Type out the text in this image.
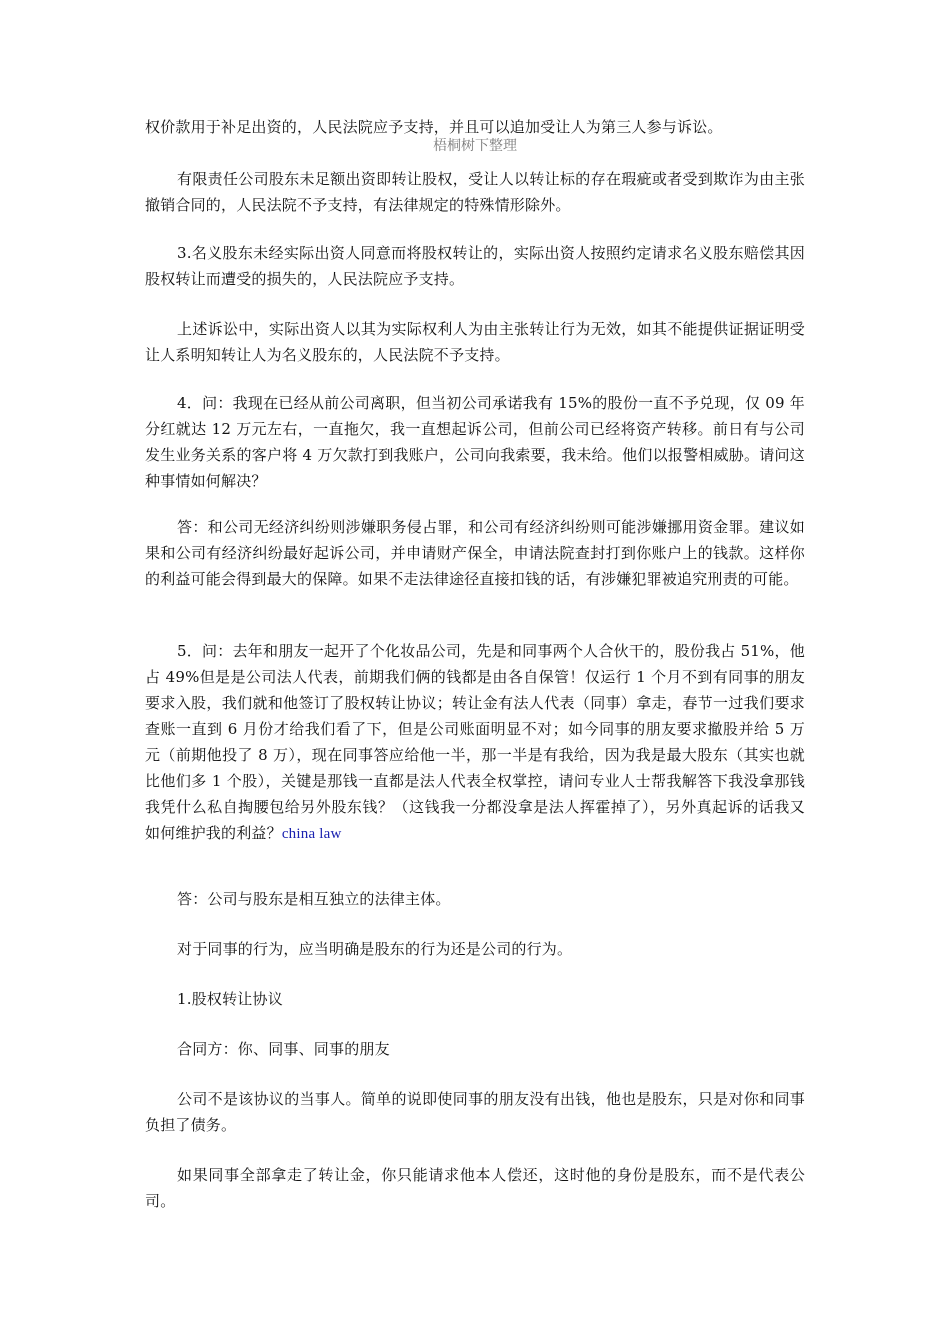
权价款用于补足出资的，人民法院应予支持，并且可以追加受让人为第三人参与诉讼。

梧桐树下整理

有限责任公司股东未足额出资即转让股权，受让人以转让标的存在瑕疵或者受到欺诈为由主张撤销合同的，人民法院不予支持，有法律规定的特殊情形除外。

3.名义股东未经实际出资人同意而将股权转让的，实际出资人按照约定请求名义股东赔偿其因股权转让而遭受的损失的，人民法院应予支持。

上述诉讼中，实际出资人以其为实际权利人为由主张转让行为无效，如其不能提供证据证明受让人系明知转让人为名义股东的，人民法院不予支持。

4．问：我现在已经从前公司离职，但当初公司承诺我有 15%的股份一直不予兑现，仅 09 年分红就达 12 万元左右，一直拖欠，我一直想起诉公司，但前公司已经将资产转移。前日有与公司发生业务关系的客户将 4 万欠款打到我账户，公司向我索要，我未给。他们以报警相威胁。请问这种事情如何解决？

答：和公司无经济纠纷则涉嫌职务侵占罪，和公司有经济纠纷则可能涉嫌挪用资金罪。建议如果和公司有经济纠纷最好起诉公司，并申请财产保全，申请法院查封打到你账户上的钱款。这样你的利益可能会得到最大的保障。如果不走法律途径直接扣钱的话，有涉嫌犯罪被追究刑责的可能。

5．问：去年和朋友一起开了个化妆品公司，先是和同事两个人合伙干的，股份我占 51%，他占 49%但是是公司法人代表，前期我们俩的钱都是由各自保管！仅运行 1 个月不到有同事的朋友要求入股，我们就和他签订了股权转让协议；转让金有法人代表（同事）拿走，春节一过我们要求查账一直到 6 月份才给我们看了下，但是公司账面明显不对；如今同事的朋友要求撤股并给 5 万元（前期他投了 8 万），现在同事答应给他一半，那一半是有我给，因为我是最大股东（其实也就比他们多 1 个股），关键是那钱一直都是法人代表全权掌控，请问专业人士帮我解答下我没拿那钱我凭什么私自掏腰包给另外股东钱？（这钱我一分都没拿是法人挥霍掉了），另外真起诉的话我又如何维护我的利益？china law

答：公司与股东是相互独立的法律主体。

对于同事的行为，应当明确是股东的行为还是公司的行为。

1.股权转让协议

合同方：你、同事、同事的朋友

公司不是该协议的当事人。简单的说即使同事的朋友没有出钱，他也是股东，只是对你和同事负担了债务。

如果同事全部拿走了转让金，你只能请求他本人偿还，这时他的身份是股东，而不是代表公司。
